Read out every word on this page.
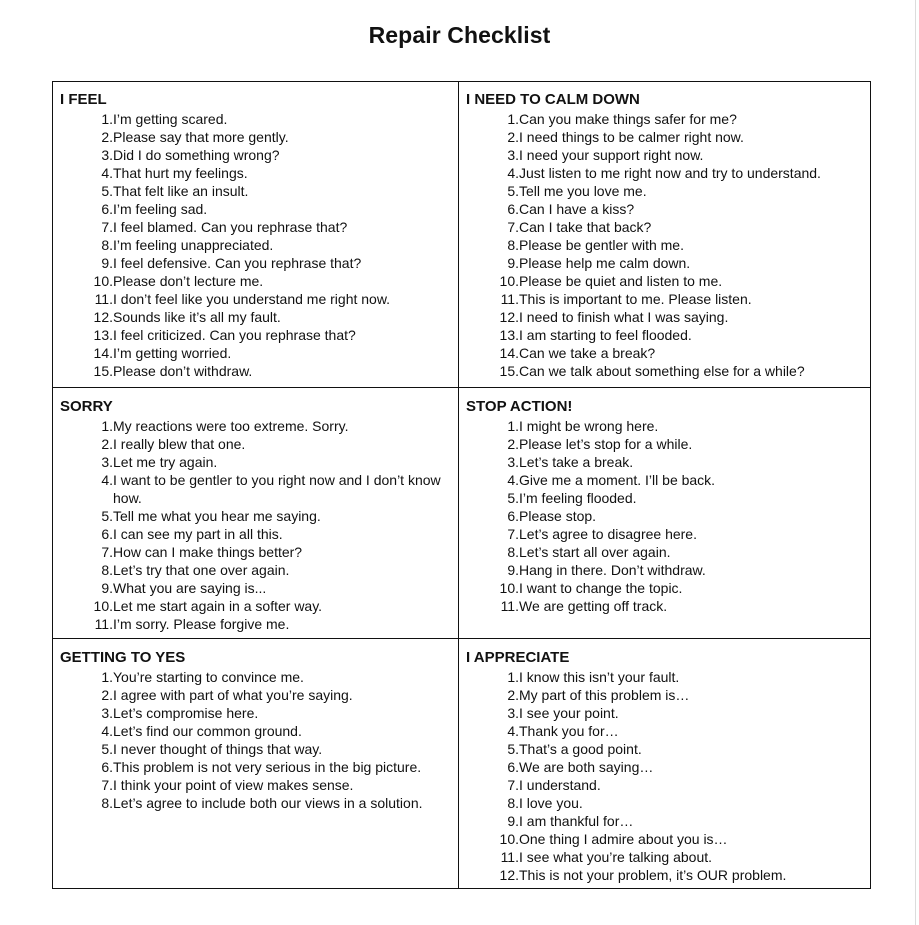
Repair Checklist
I FEEL
1. I’m getting scared.
2. Please say that more gently.
3. Did I do something wrong?
4. That hurt my feelings.
5. That felt like an insult.
6. I’m feeling sad.
7. I feel blamed. Can you rephrase that?
8. I’m feeling unappreciated.
9. I feel defensive. Can you rephrase that?
10. Please don’t lecture me.
11. I don’t feel like you understand me right now.
12. Sounds like it’s all my fault.
13. I feel criticized. Can you rephrase that?
14. I’m getting worried.
15. Please don’t withdraw.
I NEED TO CALM DOWN
1. Can you make things safer for me?
2. I need things to be calmer right now.
3. I need your support right now.
4. Just listen to me right now and try to understand.
5. Tell me you love me.
6. Can I have a kiss?
7. Can I take that back?
8. Please be gentler with me.
9. Please help me calm down.
10. Please be quiet and listen to me.
11. This is important to me. Please listen.
12. I need to finish what I was saying.
13. I am starting to feel flooded.
14. Can we take a break?
15. Can we talk about something else for a while?
SORRY
1. My reactions were too extreme. Sorry.
2. I really blew that one.
3. Let me try again.
4. I want to be gentler to you right now and I don’t know how.
5. Tell me what you hear me saying.
6. I can see my part in all this.
7. How can I make things better?
8. Let’s try that one over again.
9. What you are saying is...
10. Let me start again in a softer way.
11. I’m sorry. Please forgive me.
STOP ACTION!
1. I might be wrong here.
2. Please let’s stop for a while.
3. Let’s take a break.
4. Give me a moment. I’ll be back.
5. I’m feeling flooded.
6. Please stop.
7. Let’s agree to disagree here.
8. Let’s start all over again.
9. Hang in there. Don’t withdraw.
10. I want to change the topic.
11. We are getting off track.
GETTING TO YES
1. You’re starting to convince me.
2. I agree with part of what you’re saying.
3. Let’s compromise here.
4. Let’s find our common ground.
5. I never thought of things that way.
6. This problem is not very serious in the big picture.
7. I think your point of view makes sense.
8. Let’s agree to include both our views in a solution.
I APPRECIATE
1. I know this isn’t your fault.
2. My part of this problem is…
3. I see your point.
4. Thank you for…
5. That’s a good point.
6. We are both saying…
7. I understand.
8. I love you.
9. I am thankful for…
10. One thing I admire about you is…
11. I see what you’re talking about.
12. This is not your problem, it’s OUR problem.
